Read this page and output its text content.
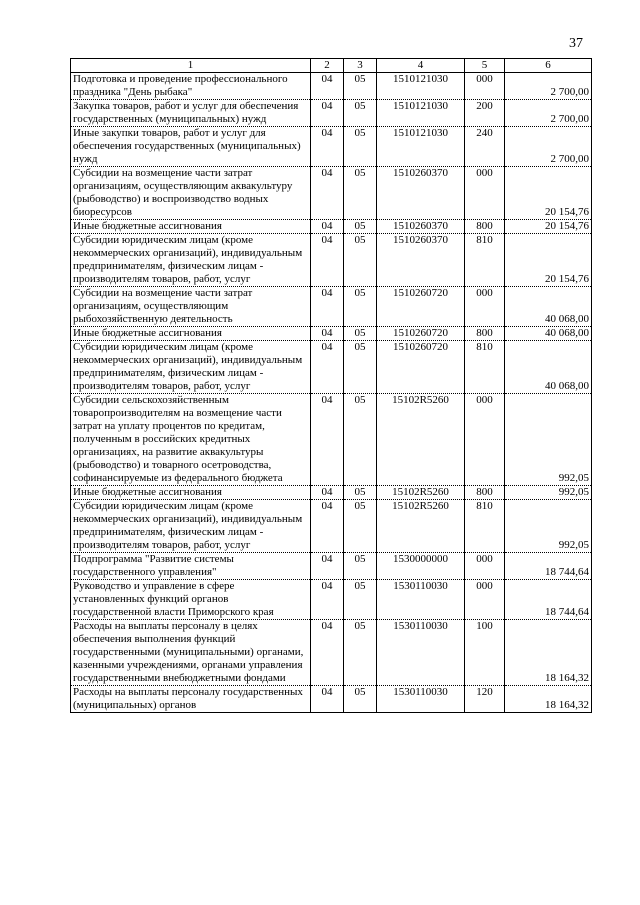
37
1	2	3	4	5	6
Подготовка и проведение профессионального праздника "День рыбака"	04	05	1510121030	000	2 700,00
Закупка товаров, работ и услуг для обеспечения государственных (муниципальных) нужд	04	05	1510121030	200	2 700,00
Иные закупки товаров, работ и услуг для обеспечения государственных (муниципальных) нужд	04	05	1510121030	240	2 700,00
Субсидии на возмещение части затрат организациям, осуществляющим аквакультуру (рыбоводство) и воспроизводство водных биоресурсов	04	05	1510260370	000	20 154,76
Иные бюджетные ассигнования	04	05	1510260370	800	20 154,76
Субсидии юридическим лицам (кроме некоммерческих организаций), индивидуальным предпринимателям, физическим лицам - производителям товаров, работ, услуг	04	05	1510260370	810	20 154,76
Субсидии на возмещение части затрат организациям, осуществляющим рыбохозяйственную деятельность	04	05	1510260720	000	40 068,00
Иные бюджетные ассигнования	04	05	1510260720	800	40 068,00
Субсидии юридическим лицам (кроме некоммерческих организаций), индивидуальным предпринимателям, физическим лицам - производителям товаров, работ, услуг	04	05	1510260720	810	40 068,00
Субсидии сельскохозяйственным товаропроизводителям на возмещение части затрат на уплату процентов по кредитам, полученным в российских кредитных организациях, на развитие аквакультуры (рыбоводство) и товарного осетроводства, софинансируемые из федерального бюджета	04	05	15102R5260	000	992,05
Иные бюджетные ассигнования	04	05	15102R5260	800	992,05
Субсидии юридическим лицам (кроме некоммерческих организаций), индивидуальным предпринимателям, физическим лицам - производителям товаров, работ, услуг	04	05	15102R5260	810	992,05
Подпрограмма "Развитие системы государственного управления"	04	05	1530000000	000	18 744,64
Руководство и управление в сфере установленных функций органов государственной власти Приморского края	04	05	1530110030	000	18 744,64
Расходы на выплаты персоналу в целях обеспечения выполнения функций государственными (муниципальными) органами, казенными учреждениями, органами управления государственными внебюджетными фондами	04	05	1530110030	100	18 164,32
Расходы на выплаты персоналу государственных (муниципальных) органов	04	05	1530110030	120	18 164,32
